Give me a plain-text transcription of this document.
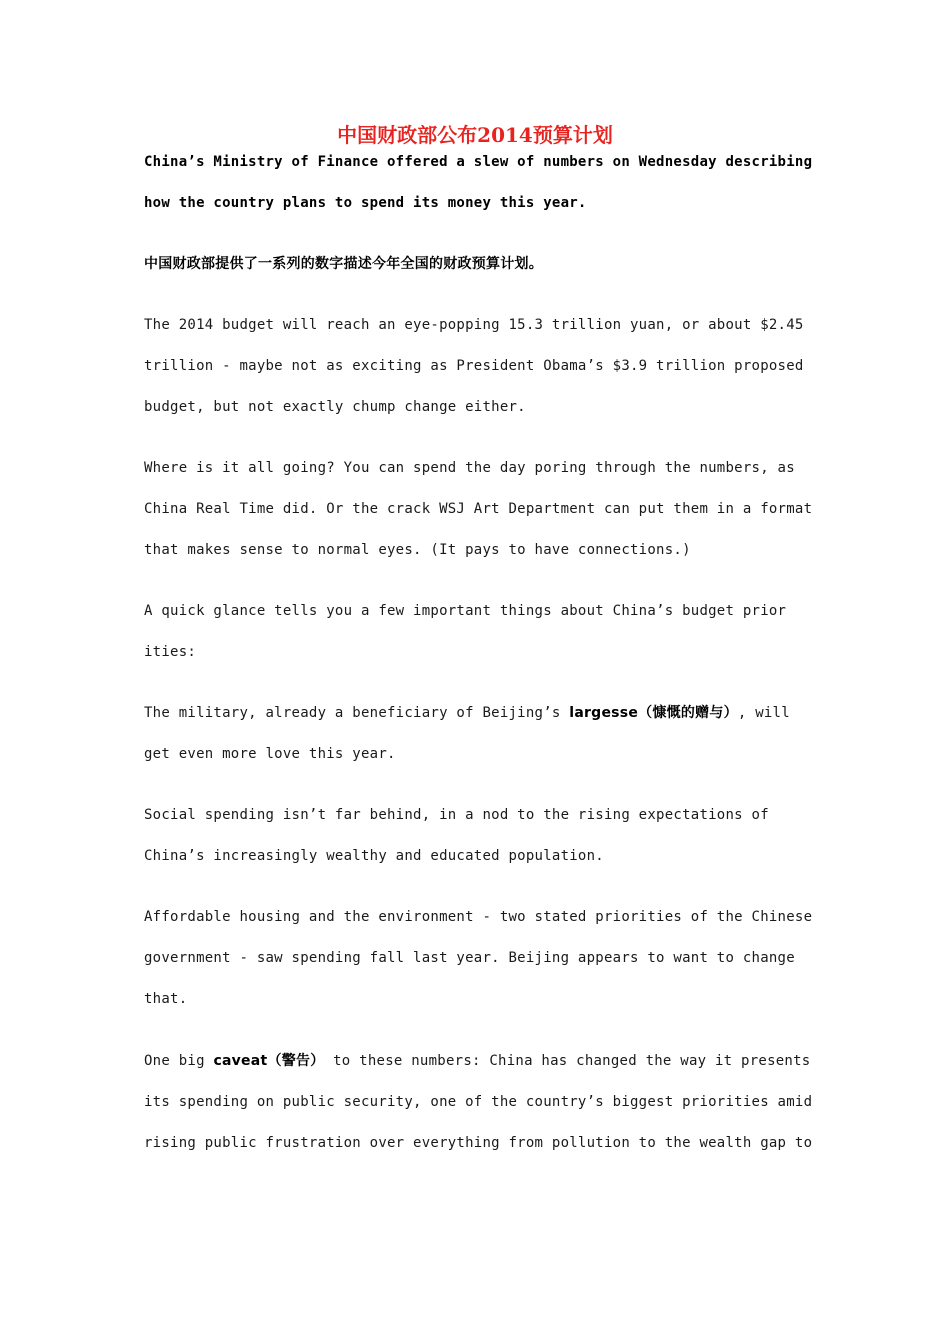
中国财政部公布2014预算计划
China’s Ministry of Finance offered a slew of numbers on Wednesday describing
how the country plans to spend its money this year.
中国财政部提供了一系列的数字描述今年全国的财政预算计划。
The 2014 budget will reach an eye-popping 15.3 trillion yuan, or about $2.45
trillion - maybe not as exciting as President Obama’s $3.9 trillion proposed
budget, but not exactly chump change either.
Where is it all going? You can spend the day poring through the numbers, as
China Real Time did. Or the crack WSJ Art Department can put them in a format
that makes sense to normal eyes. (It pays to have connections.)
A quick glance tells you a few important things about China’s budget prior
ities:
The military, already a beneficiary of Beijing’s largesse（慷慨的赠与）, will
get even more love this year.
Social spending isn’t far behind, in a nod to the rising expectations of
China’s increasingly wealthy and educated population.
Affordable housing and the environment - two stated priorities of the Chinese
government - saw spending fall last year. Beijing appears to want to change
that.
One big caveat（警告） to these numbers: China has changed the way it presents
its spending on public security, one of the country’s biggest priorities amid
rising public frustration over everything from pollution to the wealth gap to
